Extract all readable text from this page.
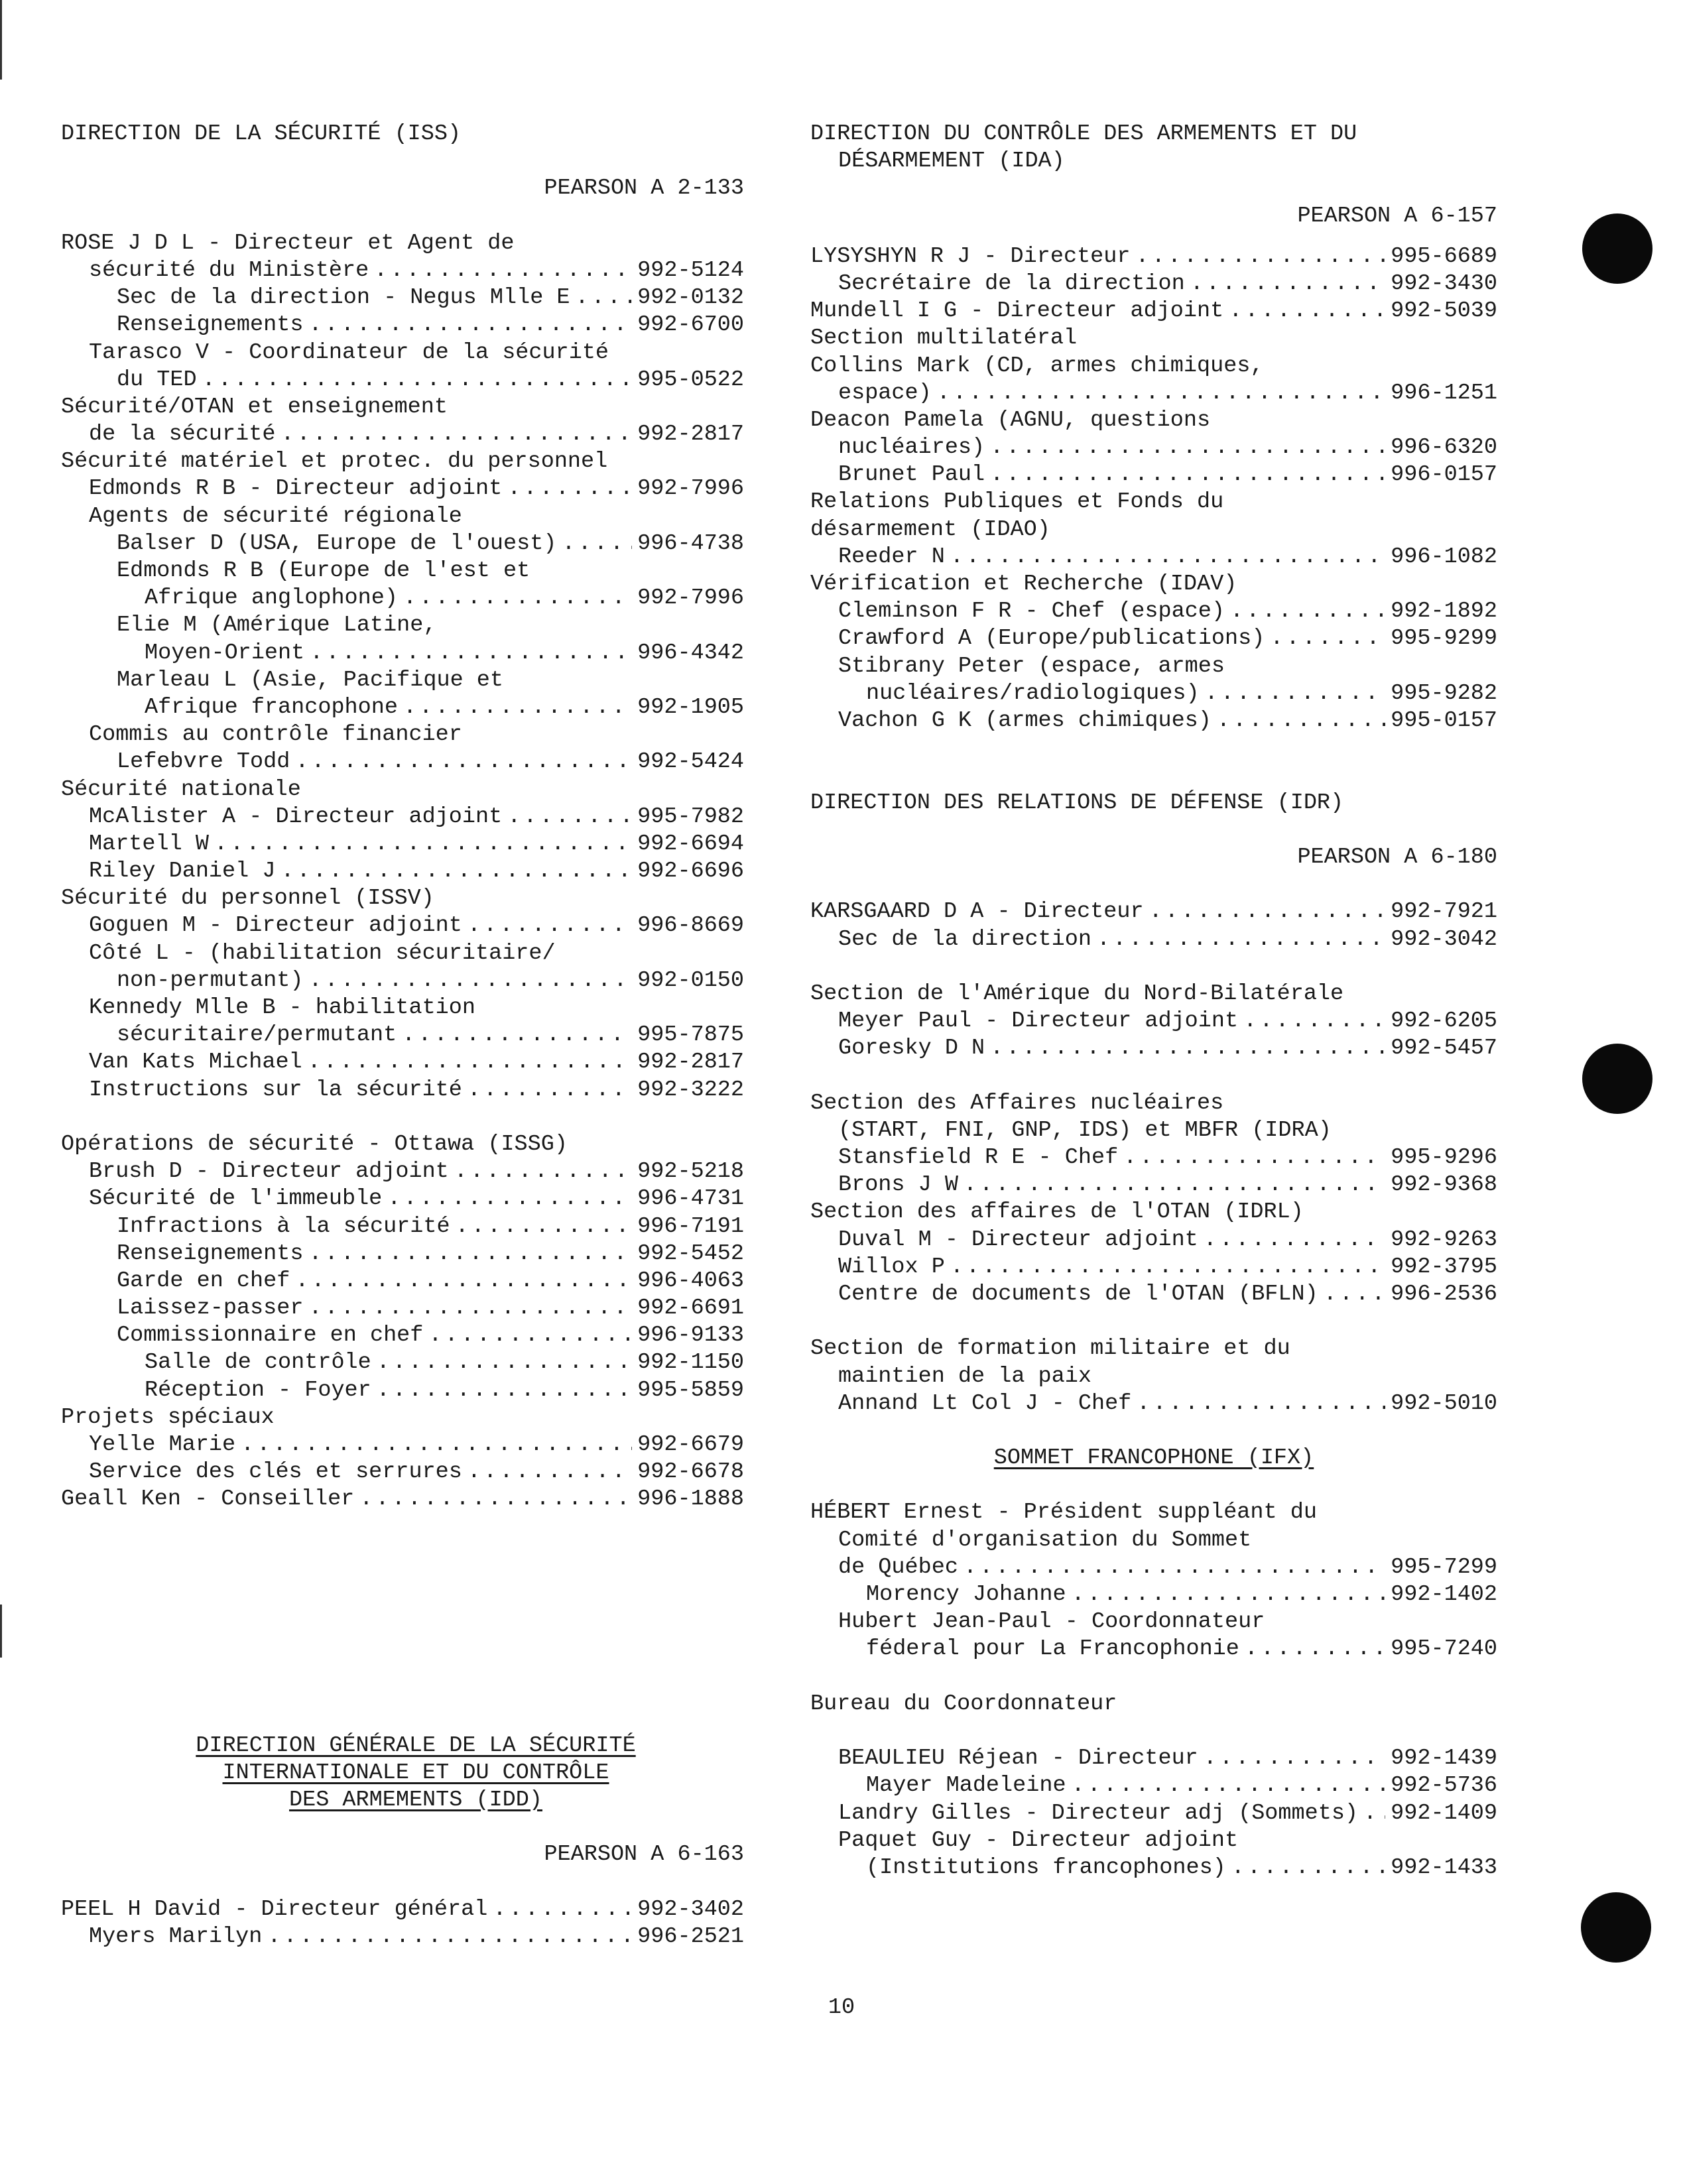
DIRECTION DE LA SÉCURITÉ (ISS)
PEARSON A 2-133
ROSE J D L - Directeur et Agent de
sécurité du Ministère . . .	992-5124
Sec de la direction - Negus Mlle E . . .	992-0132
Renseignements . . .	992-6700
Tarasco V - Coordinateur de la sécurité
du TED . . .	995-0522
Sécurité/OTAN et enseignement
de la sécurité . . .	992-2817
Sécurité matériel et protec. du personnel
Edmonds R B - Directeur adjoint . . .	992-7996
Agents de sécurité régionale
Balser D (USA, Europe de l'ouest) . . .	996-4738
Edmonds R B (Europe de l'est et
Afrique anglophone) . . .	992-7996
Elie M (Amérique Latine,
Moyen-Orient . . .	996-4342
Marleau L (Asie, Pacifique et
Afrique francophone . . .	992-1905
Commis au contrôle financier
Lefebvre Todd . . .	992-5424
Sécurité nationale
McAlister A - Directeur adjoint . . .	995-7982
Martell W . . .	992-6694
Riley Daniel J . . .	992-6696
Sécurité du personnel (ISSV)
Goguen M - Directeur adjoint . . .	996-8669
Côté L - (habilitation sécuritaire/
non-permutant) . . .	992-0150
Kennedy Mlle B - habilitation
sécuritaire/permutant . . .	995-7875
Van Kats Michael . . .	992-2817
Instructions sur la sécurité . . .	992-3222
Opérations de sécurité - Ottawa (ISSG)
Brush D - Directeur adjoint . . .	992-5218
Sécurité de l'immeuble . . .	996-4731
Infractions à la sécurité . . .	996-7191
Renseignements . . .	992-5452
Garde en chef . . .	996-4063
Laissez-passer . . .	992-6691
Commissionnaire en chef . . .	996-9133
Salle de contrôle . . .	992-1150
Réception - Foyer . . .	995-5859
Projets spéciaux
Yelle Marie . . .	992-6679
Service des clés et serrures . . .	992-6678
Geall Ken - Conseiller . . .	996-1888
DIRECTION GÉNÉRALE DE LA SÉCURITÉ
INTERNATIONALE ET DU CONTRÔLE
DES ARMEMENTS (IDD)
PEARSON A 6-163
PEEL H David - Directeur général . . .	992-3402
Myers Marilyn . . .	996-2521
DIRECTION DU CONTRÔLE DES ARMEMENTS ET DU
DÉSARMEMENT (IDA)
PEARSON A 6-157
LYSYSHYN R J - Directeur . . .	995-6689
Secrétaire de la direction . . .	992-3430
Mundell I G - Directeur adjoint . . .	992-5039
Section multilatéral
Collins Mark (CD, armes chimiques,
espace) . . .	996-1251
Deacon Pamela (AGNU, questions
nucléaires) . . .	996-6320
Brunet Paul . . .	996-0157
Relations Publiques et Fonds du
désarmement (IDAO)
Reeder N . . .	996-1082
Vérification et Recherche (IDAV)
Cleminson F R - Chef (espace) . . .	992-1892
Crawford A (Europe/publications) . . .	995-9299
Stibrany Peter (espace, armes
nucléaires/radiologiques) . . .	995-9282
Vachon G K (armes chimiques) . . .	995-0157
DIRECTION DES RELATIONS DE DÉFENSE (IDR)
PEARSON A 6-180
KARSGAARD D A - Directeur . . .	992-7921
Sec de la direction . . .	992-3042
Section de l'Amérique du Nord-Bilatérale
Meyer Paul - Directeur adjoint . . .	992-6205
Goresky D N . . .	992-5457
Section des Affaires nucléaires
(START, FNI, GNP, IDS) et MBFR (IDRA)
Stansfield R E - Chef . . .	995-9296
Brons J W . . .	992-9368
Section des affaires de l'OTAN (IDRL)
Duval M - Directeur adjoint . . .	992-9263
Willox P . . .	992-3795
Centre de documents de l'OTAN (BFLN) . . .	996-2536
Section de formation militaire et du
maintien de la paix
Annand Lt Col J - Chef . . .	992-5010
SOMMET FRANCOPHONE (IFX)
HÉBERT Ernest - Président suppléant du
Comité d'organisation du Sommet
de Québec . . .	995-7299
Morency Johanne . . .	992-1402
Hubert Jean-Paul - Coordonnateur
féderal pour La Francophonie . . .	995-7240
Bureau du Coordonnateur
BEAULIEU Réjean - Directeur . . .	992-1439
Mayer Madeleine . . .	992-5736
Landry Gilles - Directeur adj (Sommets) . . . 992-1409
Paquet Guy - Directeur adjoint
(Institutions francophones) . . .	992-1433
10
